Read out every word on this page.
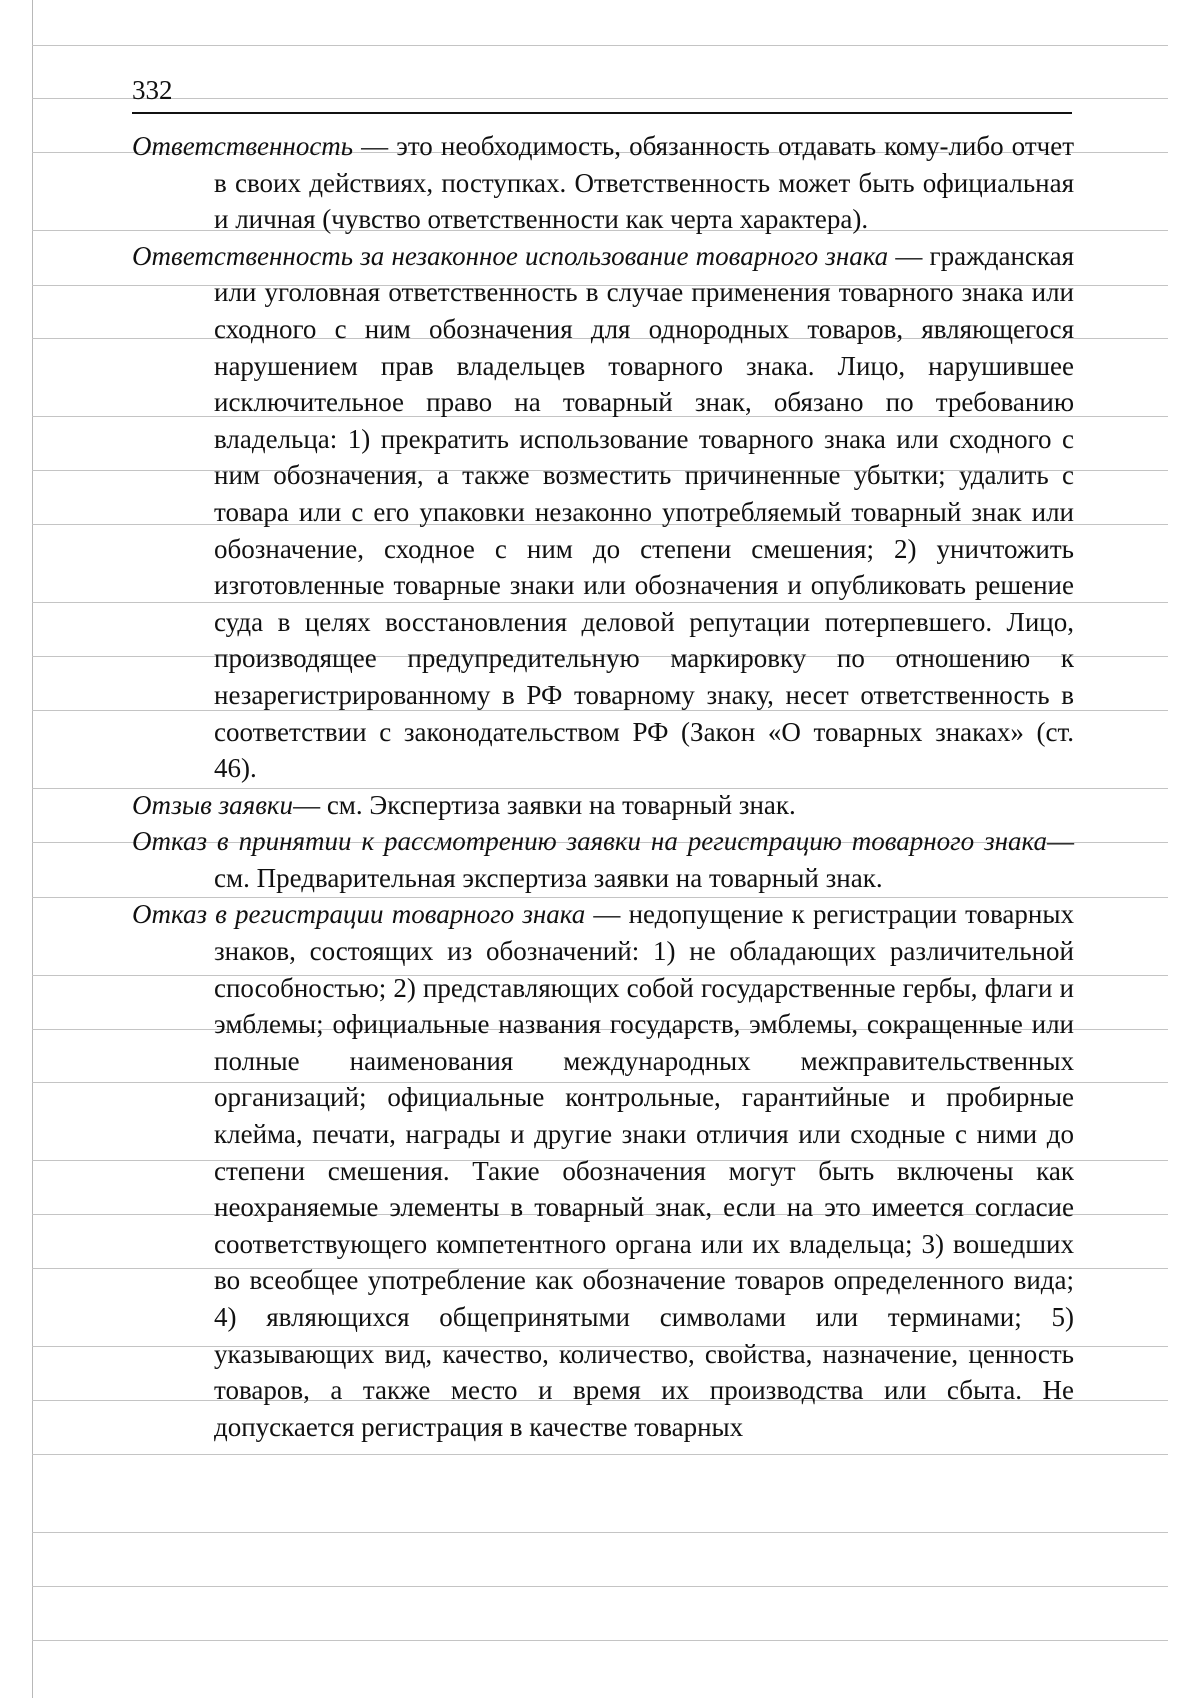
332

Ответственность — это необходимость, обязанность отдавать кому-либо отчет в своих действиях, поступках. Ответственность может быть официальная и личная (чувство ответственности как черта характера).

Ответственность за незаконное использование товарного знака — гражданская или уголовная ответственность в случае применения товарного знака или сходного с ним обозначения для однородных товаров, являющегося нарушением прав владельцев товарного знака. Лицо, нарушившее исключительное право на товарный знак, обязано по требованию владельца: 1) прекратить использование товарного знака или сходного с ним обозначения, а также возместить причиненные убытки; удалить с товара или с его упаковки незаконно употребляемый товарный знак или обозначение, сходное с ним до степени смешения; 2) уничтожить изготовленные товарные знаки или обозначения и опубликовать решение суда в целях восстановления деловой репутации потерпевшего. Лицо, производящее предупредительную маркировку по отношению к незарегистрированному в РФ товарному знаку, несет ответственность в соответствии с законодательством РФ (Закон «О товарных знаках» (ст. 46).

Отзыв заявки— см. Экспертиза заявки на товарный знак.

Отказ в принятии к рассмотрению заявки на регистрацию товарного знака— см. Предварительная экспертиза заявки на товарный знак.

Отказ в регистрации товарного знака — недопущение к регистрации товарных знаков, состоящих из обозначений: 1) не обладающих различительной способностью; 2) представляющих собой государственные гербы, флаги и эмблемы; официальные названия государств, эмблемы, сокращенные или полные наименования международных межправительственных организаций; официальные контрольные, гарантийные и пробирные клейма, печати, награды и другие знаки отличия или сходные с ними до степени смешения. Такие обозначения могут быть включены как неохраняемые элементы в товарный знак, если на это имеется согласие соответствующего компетентного органа или их владельца; 3) вошедших во всеобщее употребление как обозначение товаров определенного вида; 4) являющихся общепринятыми символами или терминами; 5) указывающих вид, качество, количество, свойства, назначение, ценность товаров, а также место и время их производства или сбыта. Не допускается регистрация в качестве товарных
